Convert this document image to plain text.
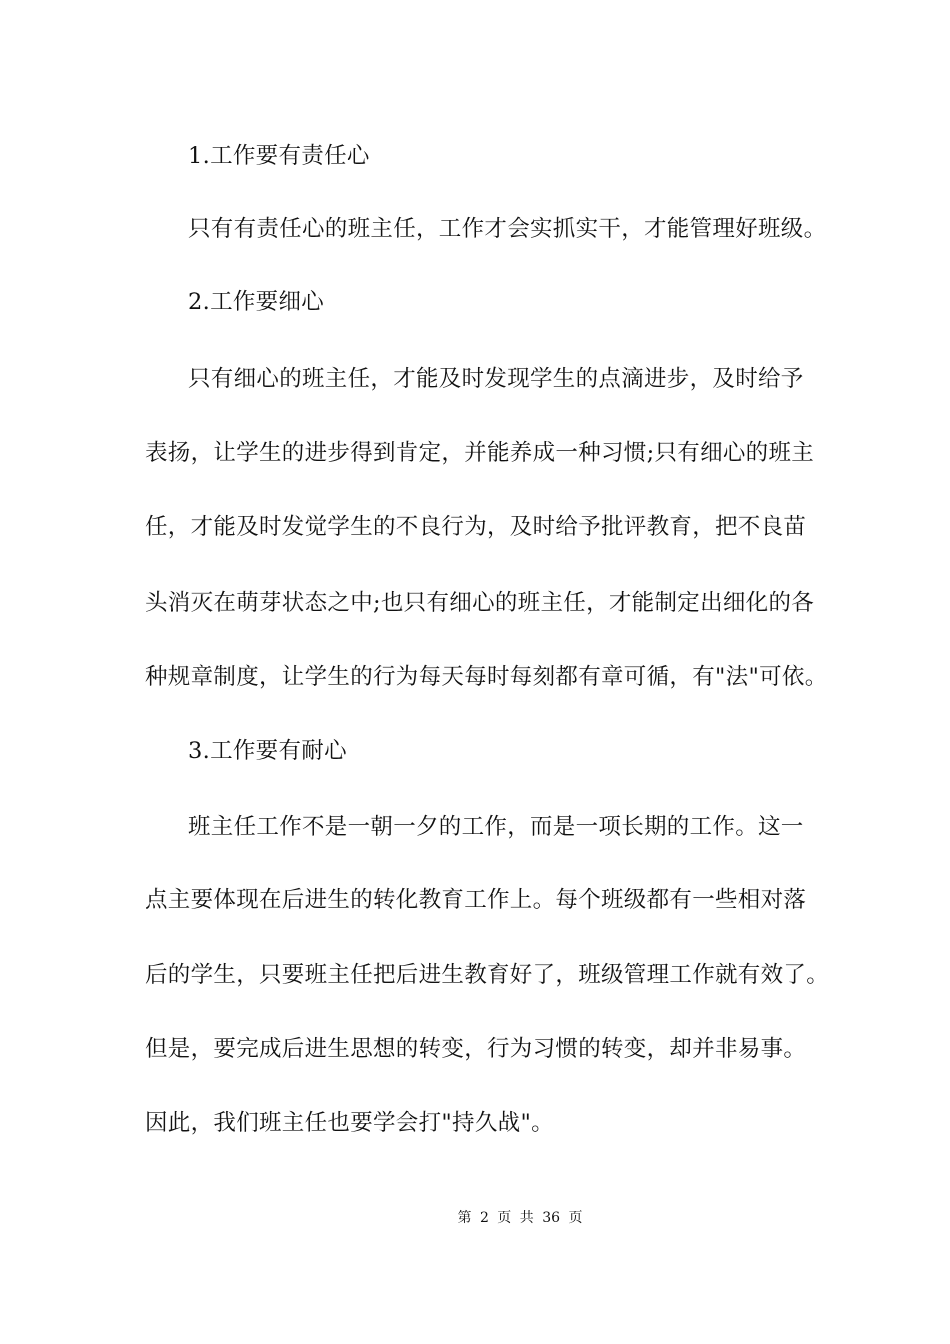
1.工作要有责任心
只有有责任心的班主任，工作才会实抓实干，才能管理好班级。
2.工作要细心
只有细心的班主任，才能及时发现学生的点滴进步，及时给予
表扬，让学生的进步得到肯定，并能养成一种习惯;只有细心的班主
任，才能及时发觉学生的不良行为，及时给予批评教育，把不良苗
头消灭在萌芽状态之中;也只有细心的班主任，才能制定出细化的各
种规章制度，让学生的行为每天每时每刻都有章可循，有"法"可依。
3.工作要有耐心
班主任工作不是一朝一夕的工作，而是一项长期的工作。这一
点主要体现在后进生的转化教育工作上。每个班级都有一些相对落
后的学生，只要班主任把后进生教育好了，班级管理工作就有效了。
但是，要完成后进生思想的转变，行为习惯的转变，却并非易事。
因此，我们班主任也要学会打"持久战"。
第 2 页 共 36 页
